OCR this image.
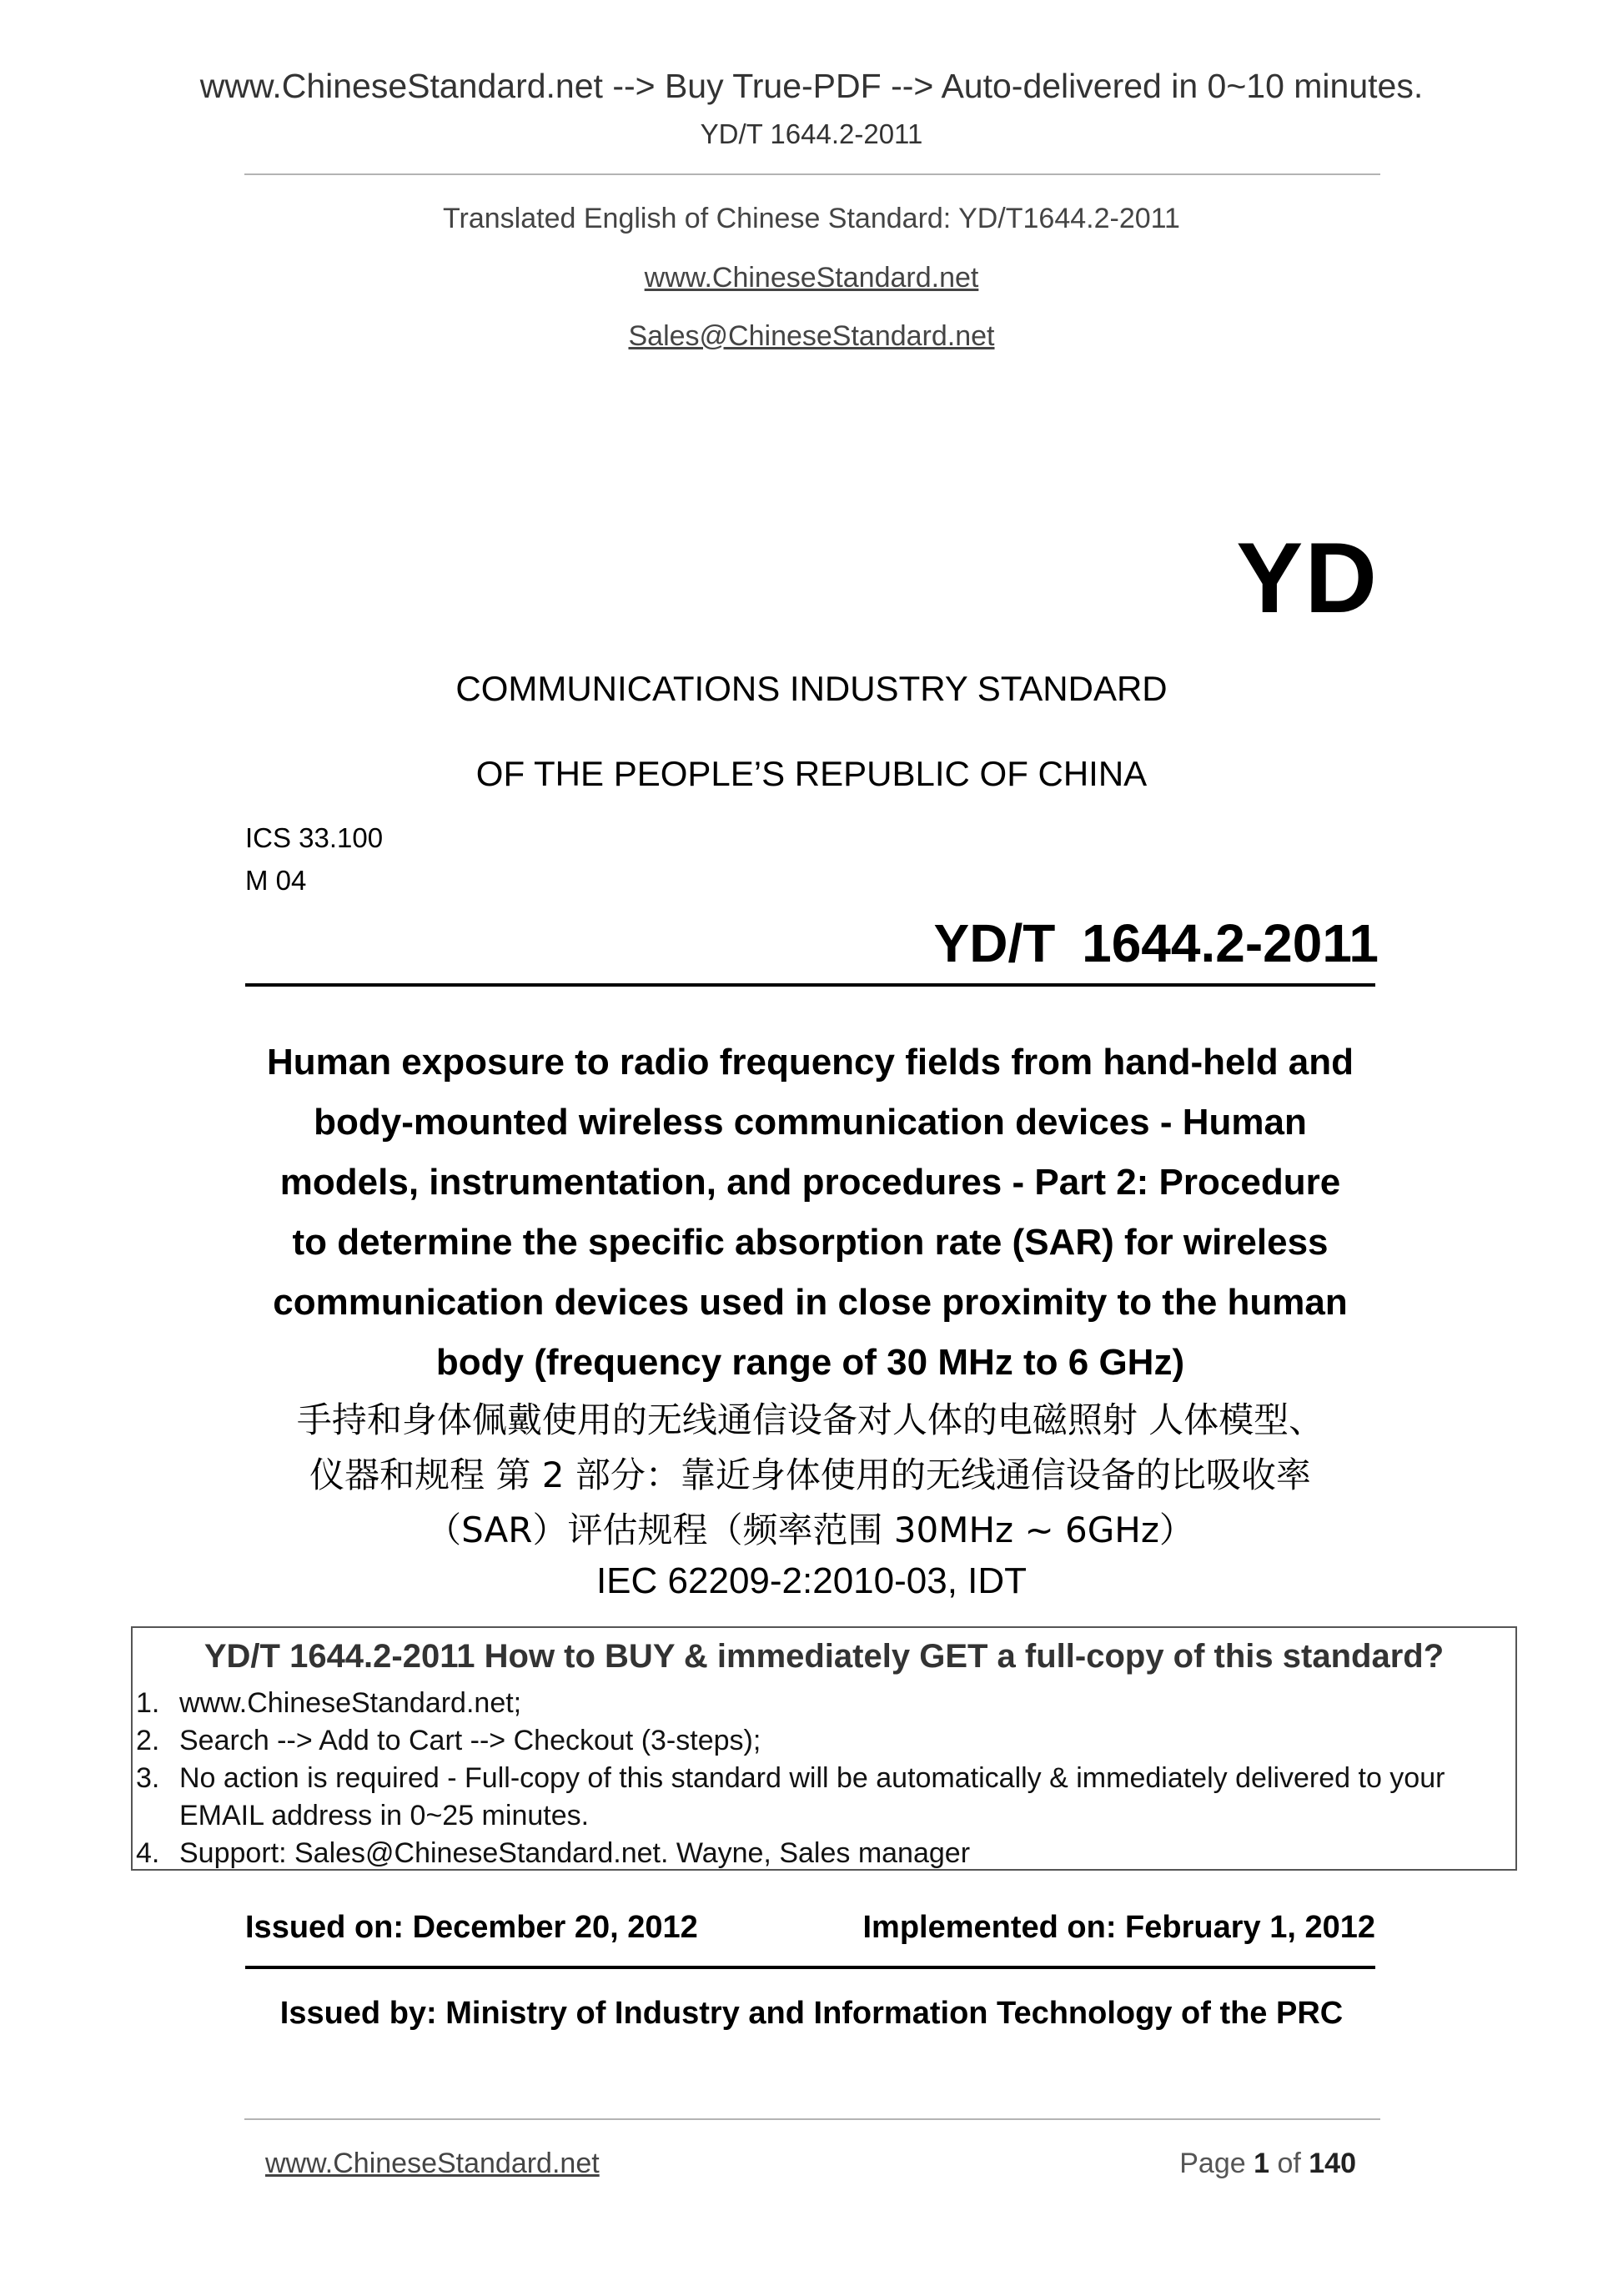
www.ChineseStandard.net --> Buy True-PDF --> Auto-delivered in 0~10 minutes.
YD/T 1644.2-2011
Translated English of Chinese Standard: YD/T1644.2-2011
www.ChineseStandard.net
Sales@ChineseStandard.net
YD
COMMUNICATIONS INDUSTRY STANDARD
OF THE PEOPLE’S REPUBLIC OF CHINA
ICS 33.100
M 04
YD/T 1644.2-2011
Human exposure to radio frequency fields from hand-held and
body-mounted wireless communication devices - Human
models, instrumentation, and procedures - Part 2: Procedure
to determine the specific absorption rate (SAR) for wireless
communication devices used in close proximity to the human
body (frequency range of 30 MHz to 6 GHz)
手持和身体佩戴使用的无线通信设备对人体的电磁照射 人体模型、
仪器和规程 第 2 部分：靠近身体使用的无线通信设备的比吸收率
（SAR）评估规程（频率范围 30MHz ~ 6GHz）
IEC 62209-2:2010-03, IDT
YD/T 1644.2-2011 How to BUY & immediately GET a full-copy of this standard?
1. www.ChineseStandard.net;
2. Search --> Add to Cart --> Checkout (3-steps);
3. No action is required - Full-copy of this standard will be automatically & immediately delivered to your EMAIL address in 0~25 minutes.
4. Support: Sales@ChineseStandard.net. Wayne, Sales manager
Issued on: December 20, 2012	Implemented on: February 1, 2012
Issued by: Ministry of Industry and Information Technology of the PRC
www.ChineseStandard.net	Page 1 of 140
